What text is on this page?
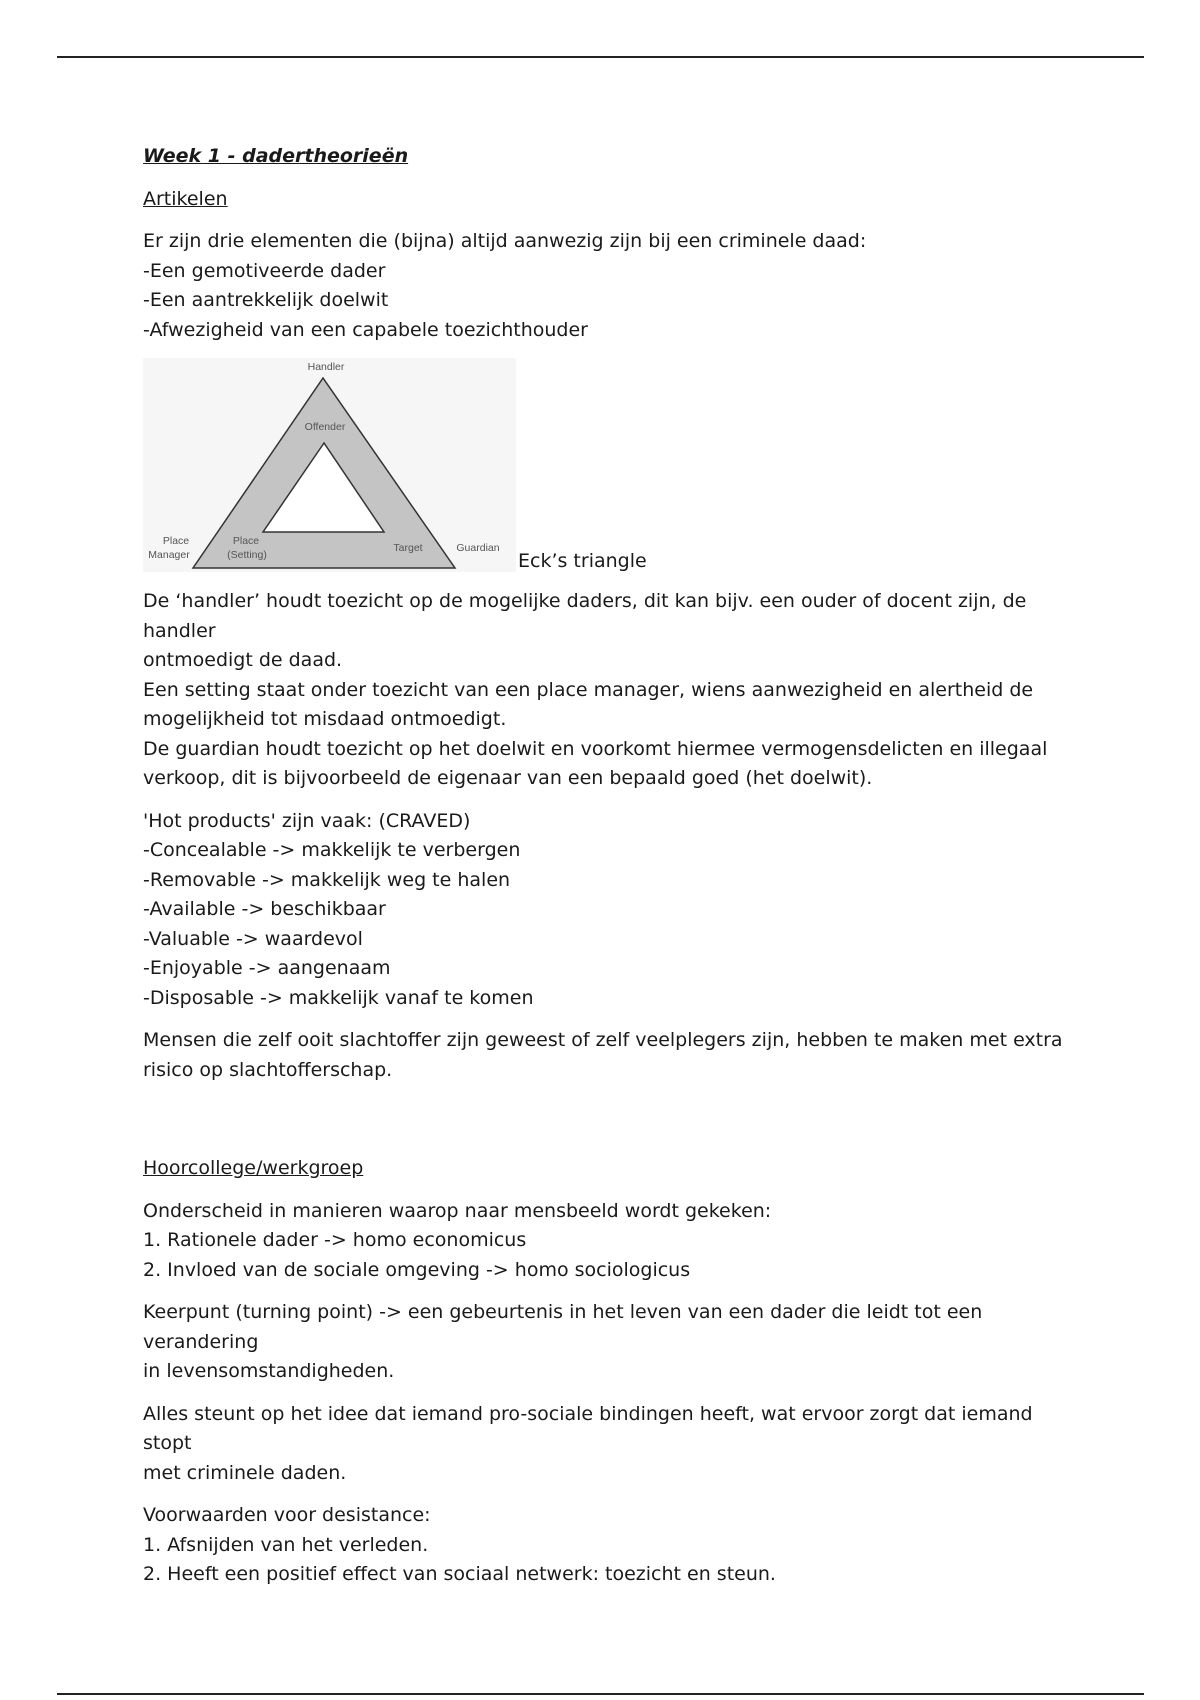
Week 1 - dadertheorieën
Artikelen

Er zijn drie elementen die (bijna) altijd aanwezig zijn bij een criminele daad:
-Een gemotiveerde dader
-Een aantrekkelijk doelwit
-Afwezigheid van een capabele toezichthouder

Handler
Offender
Place
Manager
Place
(Setting)
Target	Guardian
Eck’s triangle

De ‘handler’ houdt toezicht op de mogelijke daders, dit kan bijv. een ouder of docent zijn, de handler
ontmoedigt de daad.
Een setting staat onder toezicht van een place manager, wiens aanwezigheid en alertheid de
mogelijkheid tot misdaad ontmoedigt.
De guardian houdt toezicht op het doelwit en voorkomt hiermee vermogensdelicten en illegaal
verkoop, dit is bijvoorbeeld de eigenaar van een bepaald goed (het doelwit).

'Hot products' zijn vaak: (CRAVED)
-Concealable -> makkelijk te verbergen
-Removable -> makkelijk weg te halen
-Available -> beschikbaar
-Valuable -> waardevol
-Enjoyable -> aangenaam
-Disposable -> makkelijk vanaf te komen

Mensen die zelf ooit slachtoffer zijn geweest of zelf veelplegers zijn, hebben te maken met extra
risico op slachtofferschap.

Hoorcollege/werkgroep

Onderscheid in manieren waarop naar mensbeeld wordt gekeken:
1. Rationele dader -> homo economicus
2. Invloed van de sociale omgeving -> homo sociologicus

Keerpunt (turning point) -> een gebeurtenis in het leven van een dader die leidt tot een verandering
in levensomstandigheden.

Alles steunt op het idee dat iemand pro-sociale bindingen heeft, wat ervoor zorgt dat iemand stopt
met criminele daden.

Voorwaarden voor desistance:
1. Afsnijden van het verleden.
2. Heeft een positief effect van sociaal netwerk: toezicht en steun.
